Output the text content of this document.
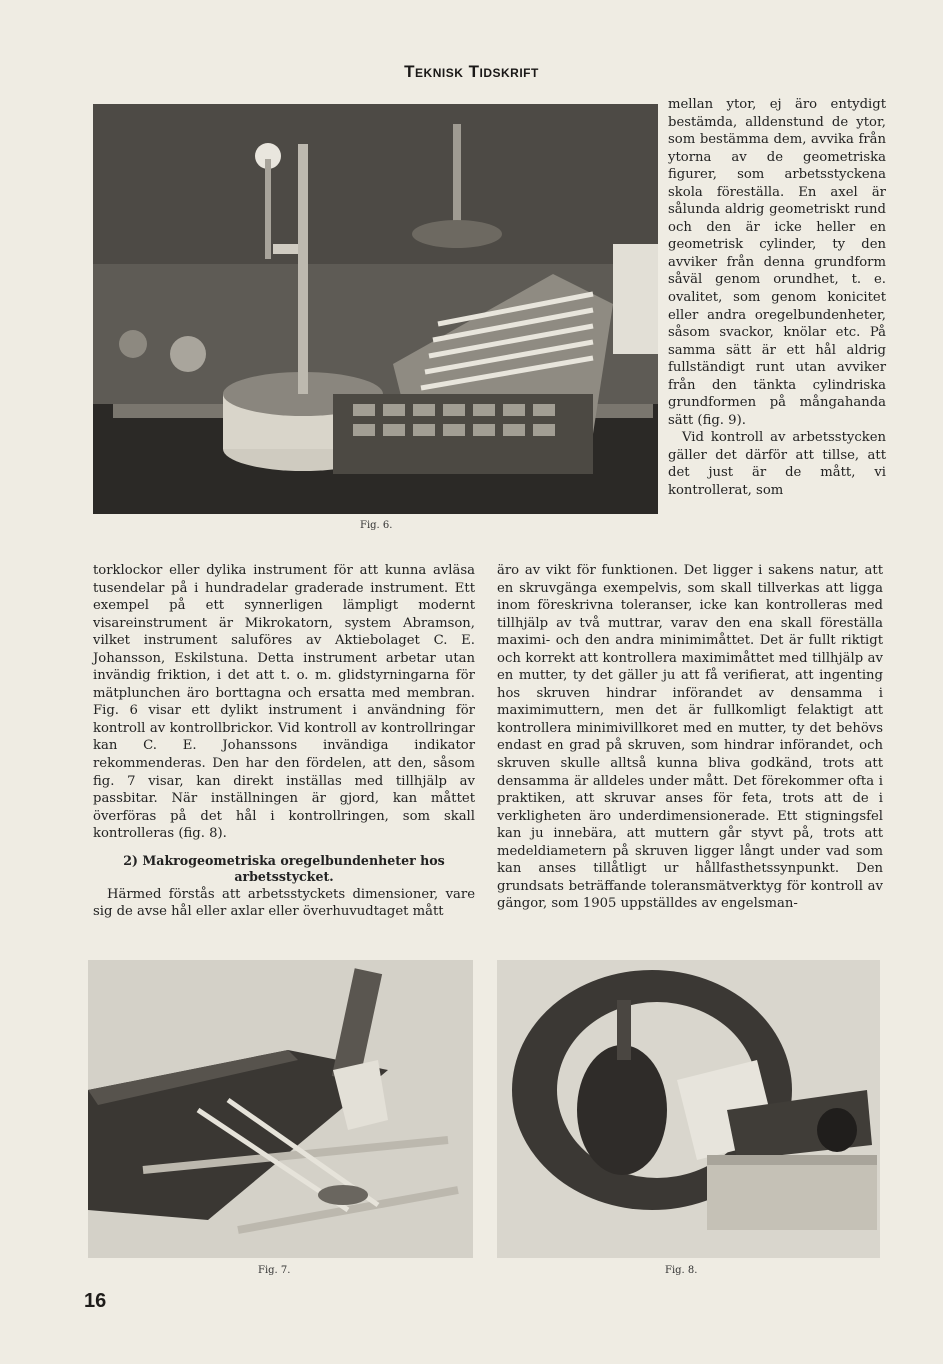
Teknisk Tidskrift
Fig. 6.

mellan ytor, ej äro entydigt bestämda, alldenstund de ytor, som bestämma dem, avvika från ytorna av de geometriska figurer, som arbetsstyckena skola föreställa. En axel är sålunda aldrig geometriskt rund och den är icke heller en geometrisk cylinder, ty den avviker från denna grundform såväl genom orundhet, t. e. ovalitet, som genom konicitet eller andra oregelbundenheter, såsom svackor, knölar etc. På samma sätt är ett hål aldrig fullständigt runt utan avviker från den tänkta cylindriska grundformen på mångahanda sätt (fig. 9).

Vid kontroll av arbetsstycken gäller det därför att tillse, att det just är de mått, vi kontrollerat, som

torklockor eller dylika instrument för att kunna avläsa tusendelar på i hundradelar graderade instrument. Ett exempel på ett synnerligen lämpligt modernt visareinstrument är Mikrokatorn, system Abramson, vilket instrument saluföres av Aktiebolaget C. E. Johansson, Eskilstuna. Detta instrument arbetar utan invändig friktion, i det att t. o. m. glidstyrningarna för mätplunchen äro borttagna och ersatta med membran. Fig. 6 visar ett dylikt instrument i användning för kontroll av kontrollbrickor. Vid kontroll av kontrollringar kan C. E. Johanssons invändiga indikator rekommenderas. Den har den fördelen, att den, såsom fig. 7 visar, kan direkt inställas med tillhjälp av passbitar. När inställningen är gjord, kan måttet överföras på det hål i kontrollringen, som skall kontrolleras (fig. 8).

2) Makrogeometriska oregelbundenheter hos arbetsstycket.

Härmed förstås att arbetsstyckets dimensioner, vare sig de avse hål eller axlar eller överhuvudtaget mått

äro av vikt för funktionen. Det ligger i sakens natur, att en skruvgänga exempelvis, som skall tillverkas att ligga inom föreskrivna toleranser, icke kan kontrolleras med tillhjälp av två muttrar, varav den ena skall föreställa maximi- och den andra minimimåttet. Det är fullt riktigt och korrekt att kontrollera maximimåttet med tillhjälp av en mutter, ty det gäller ju att få verifierat, att ingenting hos skruven hindrar införandet av densamma i maximimuttern, men det är fullkomligt felaktigt att kontrollera minimivillkoret med en mutter, ty det behövs endast en grad på skruven, som hindrar införandet, och skruven skulle alltså kunna bliva godkänd, trots att densamma är alldeles under mått. Det förekommer ofta i praktiken, att skruvar anses för feta, trots att de i verkligheten äro underdimensionerade. Ett stigningsfel kan ju innebära, att muttern går styvt på, trots att medeldiametern på skruven ligger långt under vad som kan anses tillåtligt ur hållfasthetssynpunkt. Den grundsats beträffande toleransmätverktyg för kontroll av gängor, som 1905 uppställdes av engelsman-

Fig. 7.	Fig. 8.
16
